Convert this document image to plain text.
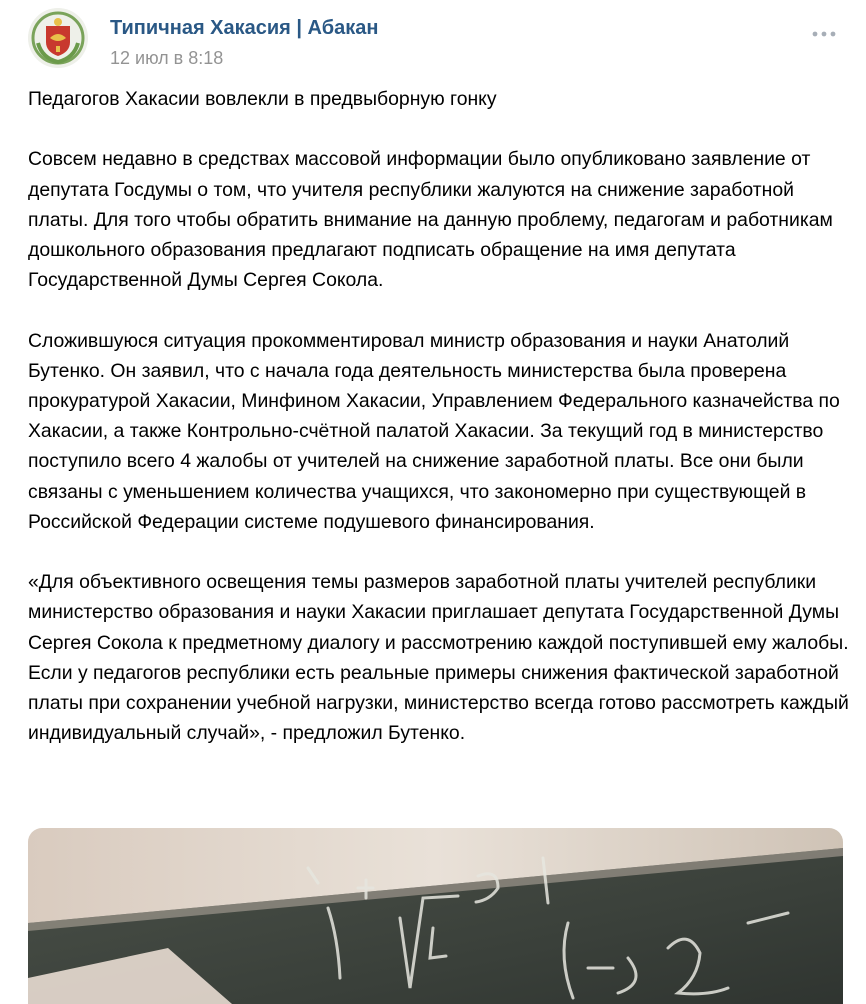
Типичная Хакасия | Абакан
12 июл в 8:18
Педагогов Хакасии вовлекли в предвыборную гонку
Совсем недавно в средствах массовой информации было опубликовано заявление от депутата Госдумы о том, что учителя республики жалуются на снижение заработной платы. Для того чтобы обратить внимание на данную проблему, педагогам и работникам дошкольного образования предлагают подписать обращение на имя депутата Государственной Думы Сергея Сокола.
Сложившуюся ситуация прокомментировал министр образования и науки Анатолий Бутенко. Он заявил, что с начала года деятельность министерства была проверена прокуратурой Хакасии, Минфином Хакасии, Управлением Федерального казначейства по Хакасии, а также Контрольно-счётной палатой Хакасии. За текущий год в министерство поступило всего 4 жалобы от учителей на снижение заработной платы. Все они были связаны с уменьшением количества учащихся, что закономерно при существующей в Российской Федерации системе подушевого финансирования.
«Для объективного освещения темы размеров заработной платы учителей республики министерство образования и науки Хакасии приглашает депутата Государственной Думы Сергея Сокола к предметному диалогу и рассмотрению каждой поступившей ему жалобы. Если у педагогов республики есть реальные примеры снижения фактической заработной платы при сохранении учебной нагрузки, министерство всегда готово рассмотреть каждый индивидуальный случай», - предложил Бутенко.
